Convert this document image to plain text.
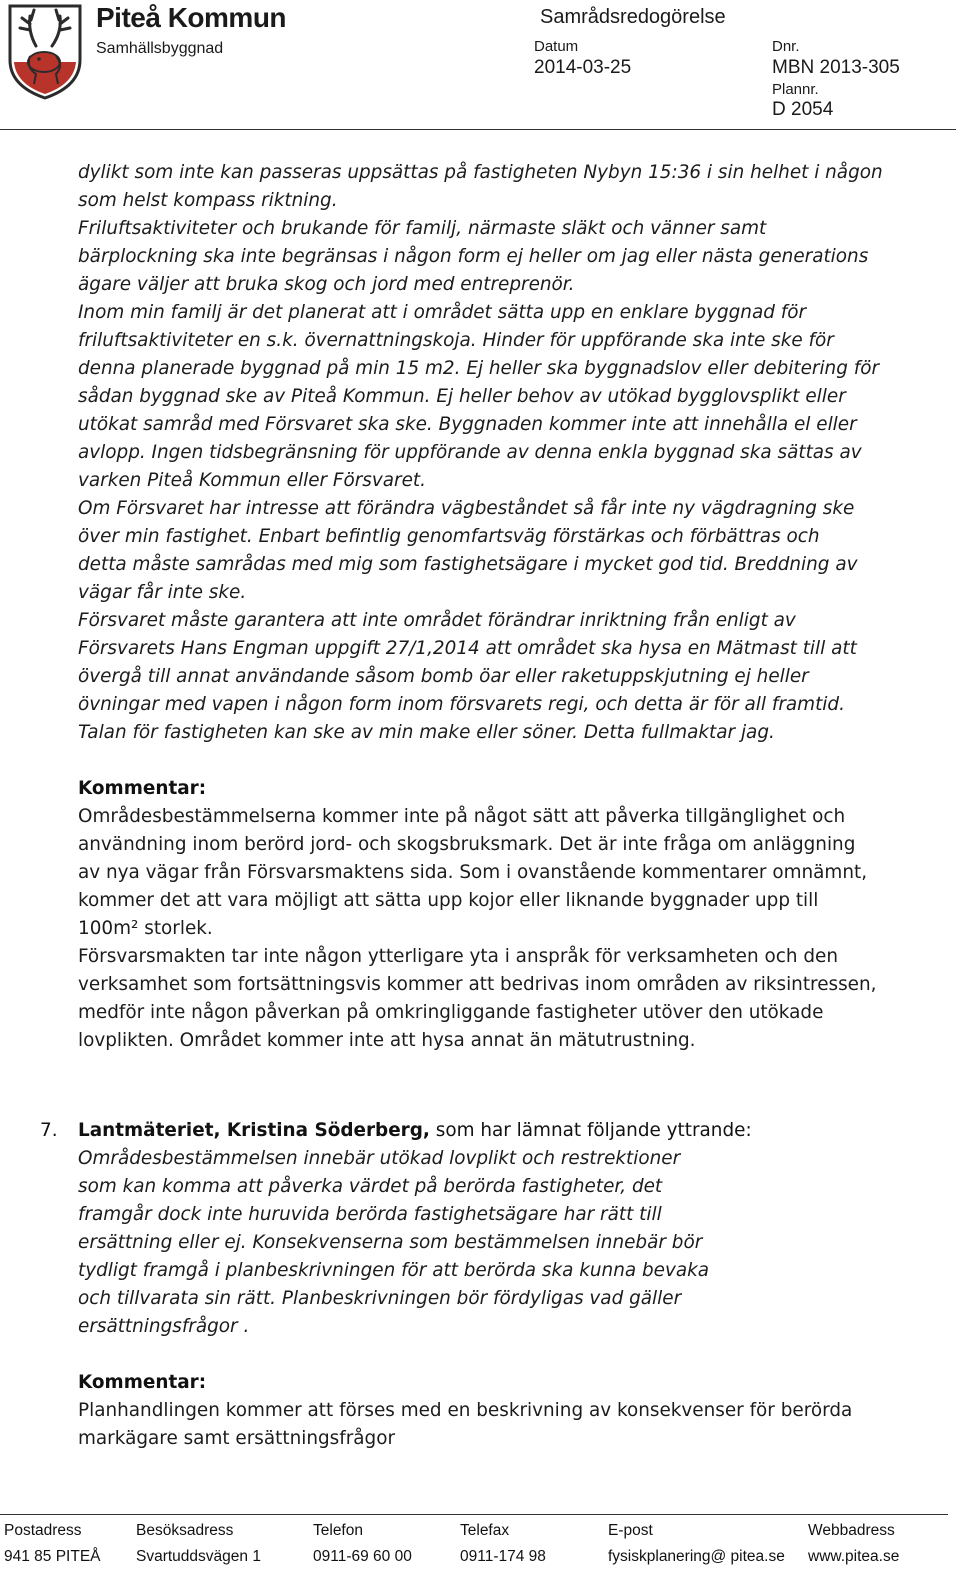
Piteå Kommun
Samhällsbyggnad
Samrådsredogörelse
Datum
2014-03-25
Dnr.
MBN 2013-305
Plannr.
D 2054

dylikt som inte kan passeras uppsättas på fastigheten Nybyn 15:36 i sin helhet i någon
som helst kompass riktning.

Friluftsaktiviteter och brukande för familj, närmaste släkt och vänner samt
bärplockning ska inte begränsas i någon form ej heller om jag eller nästa generations
ägare väljer att bruka skog och jord med entreprenör.

Inom min familj är det planerat att i området sätta upp en enklare byggnad för
friluftsaktiviteter en s.k. övernattningskoja. Hinder för uppförande ska inte ske för
denna planerade byggnad på min 15 m2. Ej heller ska byggnadslov eller debitering för
sådan byggnad ske av Piteå Kommun. Ej heller behov av utökad bygglovsplikt eller
utökat samråd med Försvaret ska ske. Byggnaden kommer inte att innehålla el eller
avlopp. Ingen tidsbegränsning för uppförande av denna enkla byggnad ska sättas av
varken Piteå Kommun eller Försvaret.

Om Försvaret har intresse att förändra vägbeståndet så får inte ny vägdragning ske
över min fastighet. Enbart befintlig genomfartsväg förstärkas och förbättras och
detta måste samrådas med mig som fastighetsägare i mycket god tid. Breddning av
vägar får inte ske.

Försvaret måste garantera att inte området förändrar inriktning från enligt av
Försvarets Hans Engman uppgift 27/1,2014 att området ska hysa en Mätmast till att
övergå till annat användande såsom bomb öar eller raketuppskjutning ej heller
övningar med vapen i någon form inom försvarets regi, och detta är för all framtid.
Talan för fastigheten kan ske av min make eller söner. Detta fullmaktar jag.

Kommentar:

Områdesbestämmelserna kommer inte på något sätt att påverka tillgänglighet och
användning inom berörd jord- och skogsbruksmark. Det är inte fråga om anläggning
av nya vägar från Försvarsmaktens sida. Som i ovanstående kommentarer omnämnt,
kommer det att vara möjligt att sätta upp kojor eller liknande byggnader upp till
100m² storlek.

Försvarsmakten tar inte någon ytterligare yta i anspråk för verksamheten och den
verksamhet som fortsättningsvis kommer att bedrivas inom områden av riksintressen,
medför inte någon påverkan på omkringliggande fastigheter utöver den utökade
lovplikten. Området kommer inte att hysa annat än mätutrustning.

7. Lantmäteriet, Kristina Söderberg, som har lämnat följande yttrande:

Områdesbestämmelsen innebär utökad lovplikt och restrektioner
som kan komma att påverka värdet på berörda fastigheter, det
framgår dock inte huruvida berörda fastighetsägare har rätt till
ersättning eller ej. Konsekvenserna som bestämmelsen innebär bör
tydligt framgå i planbeskrivningen för att berörda ska kunna bevaka
och tillvarata sin rätt. Planbeskrivningen bör fördyligas vad gäller
ersättningsfrågor .

Kommentar:

Planhandlingen kommer att förses med en beskrivning av konsekvenser för berörda
markägare samt ersättningsfrågor

Postadress
941 85 PITEÅ
Besöksadress
Svartuddsvägen 1
Telefon
0911-69 60 00
Telefax
0911-174 98
E-post
fysiskplanering@ pitea.se
Webbadress
www.pitea.se
